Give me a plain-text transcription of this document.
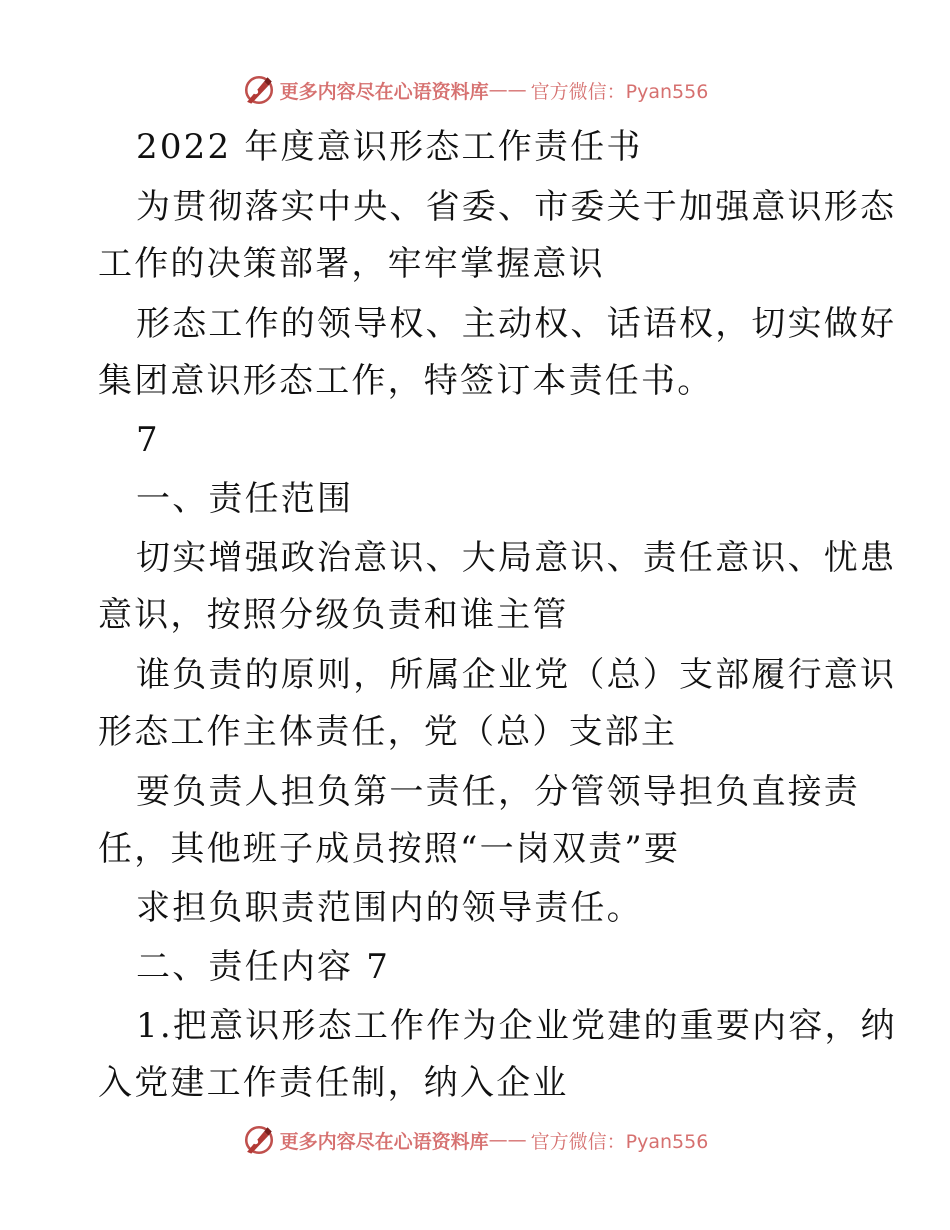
更多内容尽在心语资料库 —— 官方微信：Pyan556
2022 年度意识形态工作责任书
为贯彻落实中央、省委、市委关于加强意识形态
工作的决策部署，牢牢掌握意识
形态工作的领导权、主动权、话语权，切实做好
集团意识形态工作，特签订本责任书。
7
一、责任范围
切实增强政治意识、大局意识、责任意识、忧患
意识，按照分级负责和谁主管
谁负责的原则，所属企业党（总）支部履行意识
形态工作主体责任，党（总）支部主
要负责人担负第一责任，分管领导担负直接责
任，其他班子成员按照“一岗双责”要
求担负职责范围内的领导责任。
二、责任内容 7
1.把意识形态工作作为企业党建的重要内容，纳
入党建工作责任制，纳入企业
更多内容尽在心语资料库 —— 官方微信：Pyan556
